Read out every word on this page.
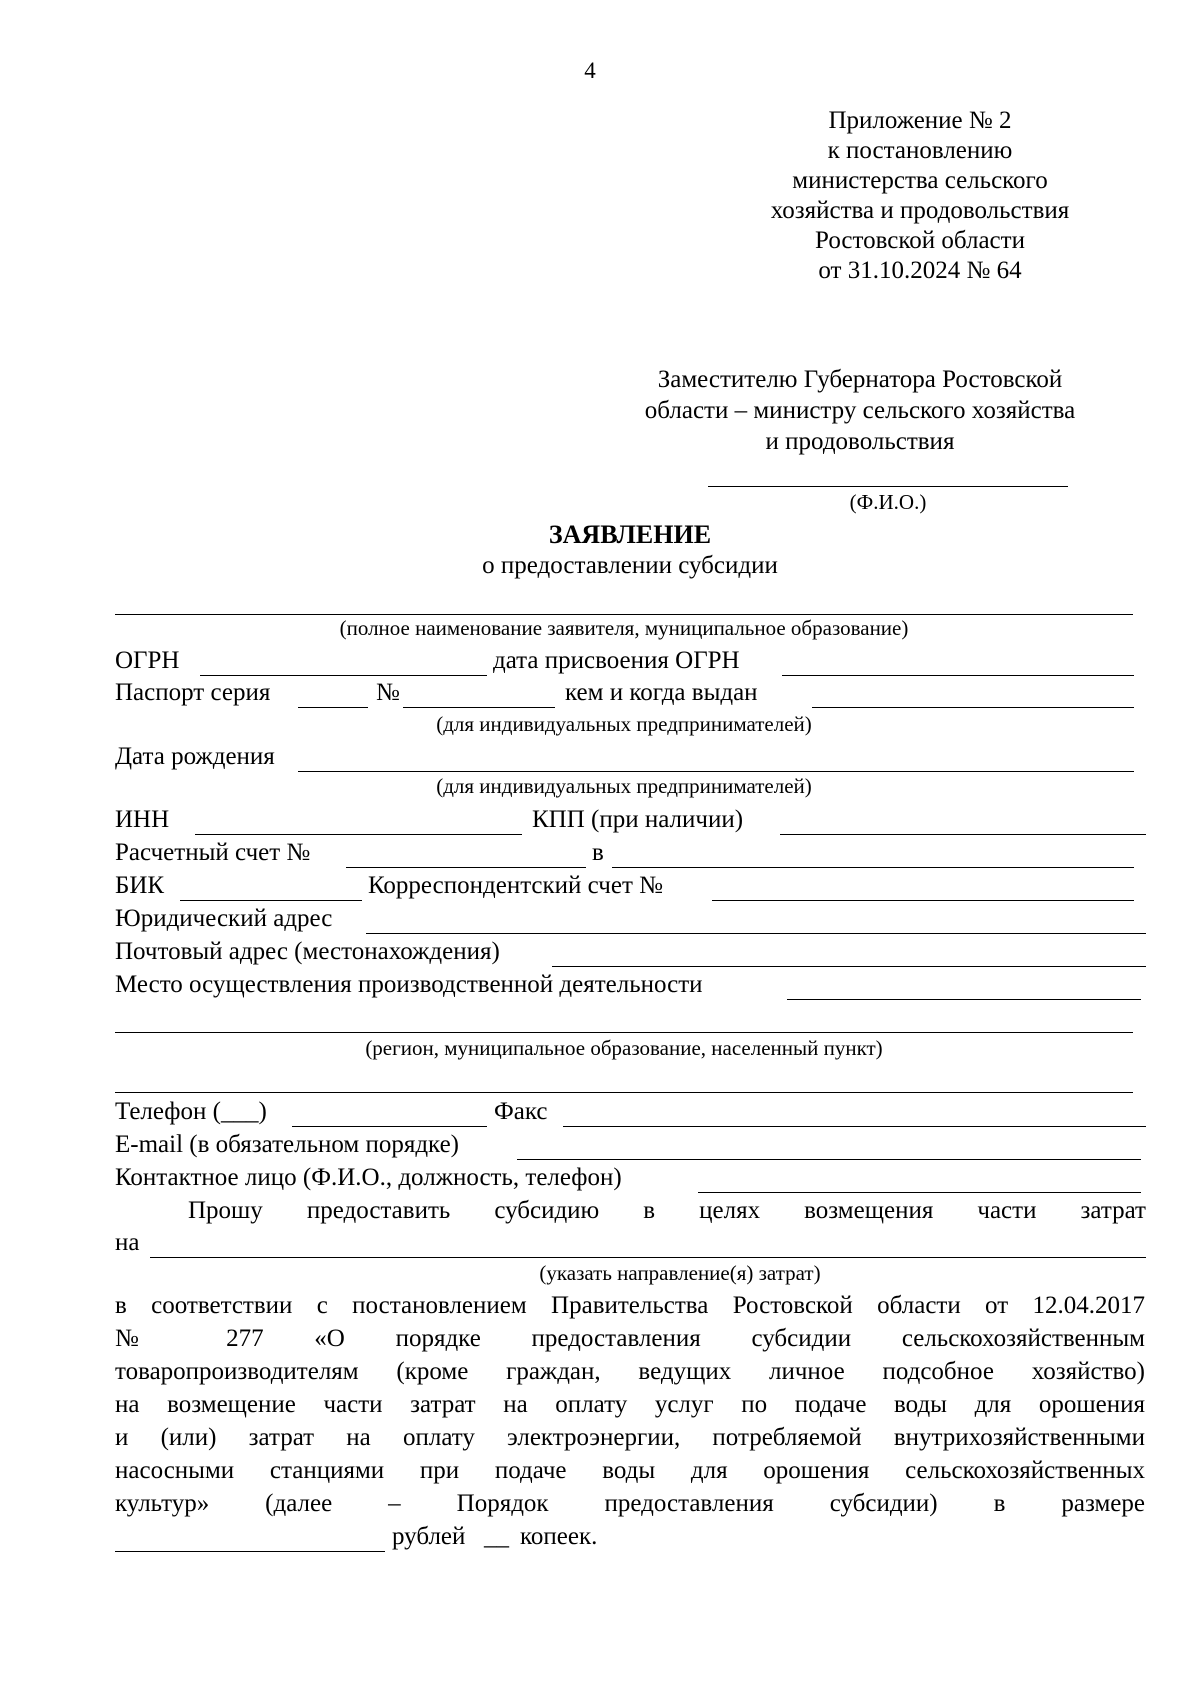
4
Приложение № 2
к постановлению
министерства сельского
хозяйства и продовольствия
Ростовской области
от 31.10.2024 № 64
Заместителю Губернатора Ростовской
области – министру сельского хозяйства
и продовольствия
(Ф.И.О.)
ЗАЯВЛЕНИЕ
о предоставлении субсидии
(полное наименование заявителя, муниципальное образование)
ОГРН	дата присвоения ОГРН
Паспорт серия	№	кем и когда выдан
(для индивидуальных предпринимателей)
Дата рождения
(для индивидуальных предпринимателей)
ИНН	КПП (при наличии)
Расчетный счет №	в
БИК	Корреспондентский счет №
Юридический адрес
Почтовый адрес (местонахождения)
Место осуществления производственной деятельности
(регион, муниципальное образование, населенный пункт)
Телефон (___)	Факс
E-mail (в обязательном порядке)
Контактное лицо (Ф.И.О., должность, телефон)
Прошу предоставить субсидию в целях возмещения части затрат
на
(указать направление(я) затрат)
в соответствии с постановлением Правительства Ростовской области от 12.04.2017
№ 277 «О порядке предоставления субсидии сельскохозяйственным
товаропроизводителям (кроме граждан, ведущих личное подсобное хозяйство)
на возмещение части затрат на оплату услуг по подаче воды для орошения
и (или) затрат на оплату электроэнергии, потребляемой внутрихозяйственными
насосными станциями при подаче воды для орошения сельскохозяйственных
культур» (далее – Порядок предоставления субсидии) в размере
рублей __ копеек.
